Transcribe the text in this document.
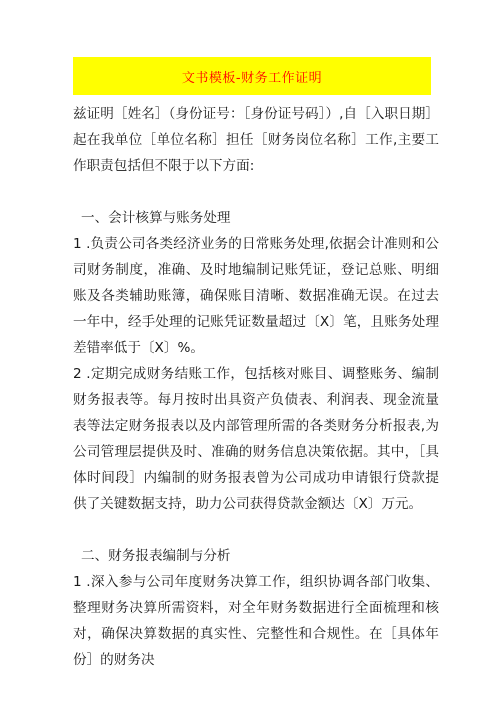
文书模板-财务工作证明

兹证明［姓名］（身份证号：［身份证号码］）,自［入职日期］起在我单位［单位名称］担任［财务岗位名称］工作,主要工作职责包括但不限于以下方面:

一、会计核算与账务处理

1 .负责公司各类经济业务的日常账务处理,依据会计准则和公司财务制度，准确、及时地编制记账凭证，登记总账、明细账及各类辅助账簿，确保账目清晰、数据准确无误。在过去一年中，经手处理的记账凭证数量超过〔X〕笔，且账务处理差错率低于〔X〕%。

2 .定期完成财务结账工作，包括核对账目、调整账务、编制财务报表等。每月按时出具资产负债表、利润表、现金流量表等法定财务报表以及内部管理所需的各类财务分析报表,为公司管理层提供及时、准确的财务信息决策依据。其中，［具体时间段］内编制的财务报表曾为公司成功申请银行贷款提供了关键数据支持，助力公司获得贷款金额达〔X〕万元。

二、财务报表编制与分析

1 .深入参与公司年度财务决算工作，组织协调各部门收集、整理财务决算所需资料，对全年财务数据进行全面梳理和核对，确保决算数据的真实性、完整性和合规性。在［具体年份］的财务决
